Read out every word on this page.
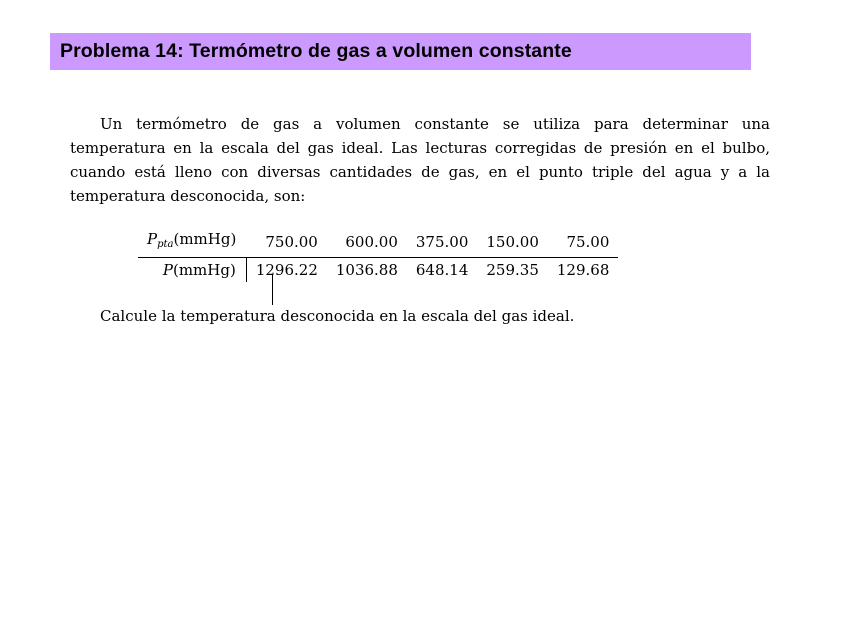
Problema 14: Termómetro de gas a volumen constante

Un termómetro de gas a volumen constante se utiliza para determinar una temperatura en la escala del gas ideal. Las lecturas corregidas de presión en el bulbo, cuando está lleno con diversas cantidades de gas, en el punto triple del agua y a la temperatura desconocida, son:

$P_{pta}(mmHg)$	750.00	600.00	375.00	150.00	75.00
P(mmHg)	1296.22	1036.88	648.14	259.35	129.68

Calcule la temperatura desconocida en la escala del gas ideal.
